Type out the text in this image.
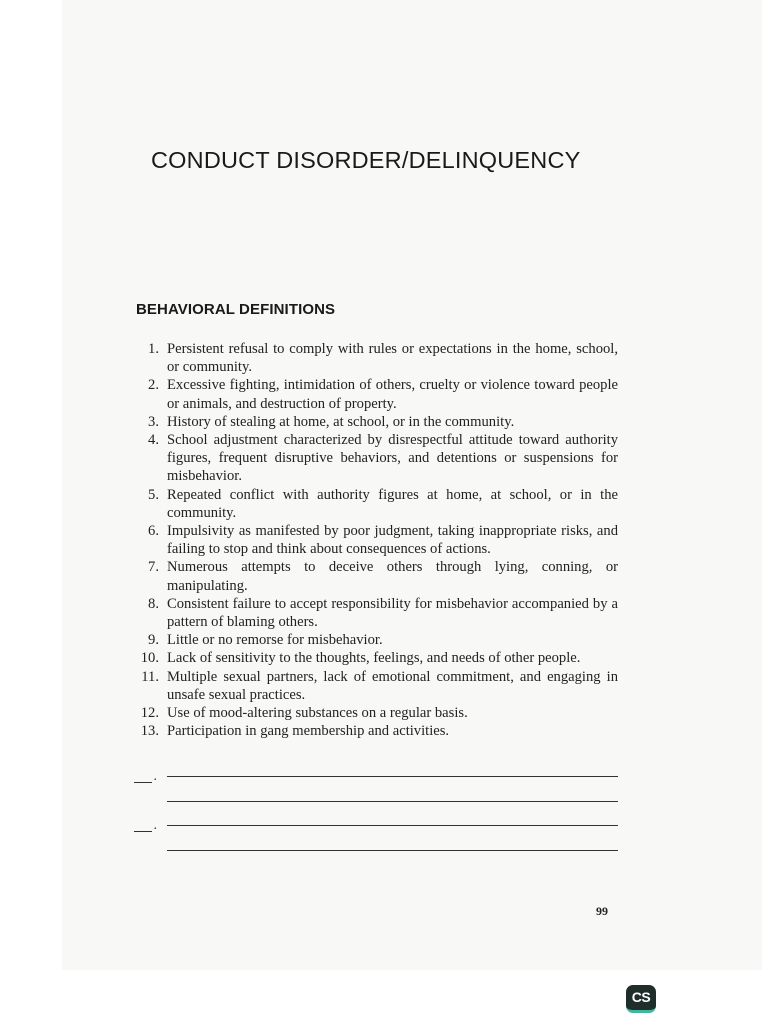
CONDUCT DISORDER/DELINQUENCY
BEHAVIORAL DEFINITIONS
1. Persistent refusal to comply with rules or expectations in the home, school, or community.
2. Excessive fighting, intimidation of others, cruelty or violence toward people or animals, and destruction of property.
3. History of stealing at home, at school, or in the community.
4. School adjustment characterized by disrespectful attitude toward authority figures, frequent disruptive behaviors, and detentions or suspensions for misbehavior.
5. Repeated conflict with authority figures at home, at school, or in the community.
6. Impulsivity as manifested by poor judgment, taking inappropriate risks, and failing to stop and think about consequences of actions.
7. Numerous attempts to deceive others through lying, conning, or manipulating.
8. Consistent failure to accept responsibility for misbehavior accompanied by a pattern of blaming others.
9. Little or no remorse for misbehavior.
10. Lack of sensitivity to the thoughts, feelings, and needs of other people.
11. Multiple sexual partners, lack of emotional commitment, and engaging in unsafe sexual practices.
12. Use of mood-altering substances on a regular basis.
13. Participation in gang membership and activities.
.
.
99
CS
